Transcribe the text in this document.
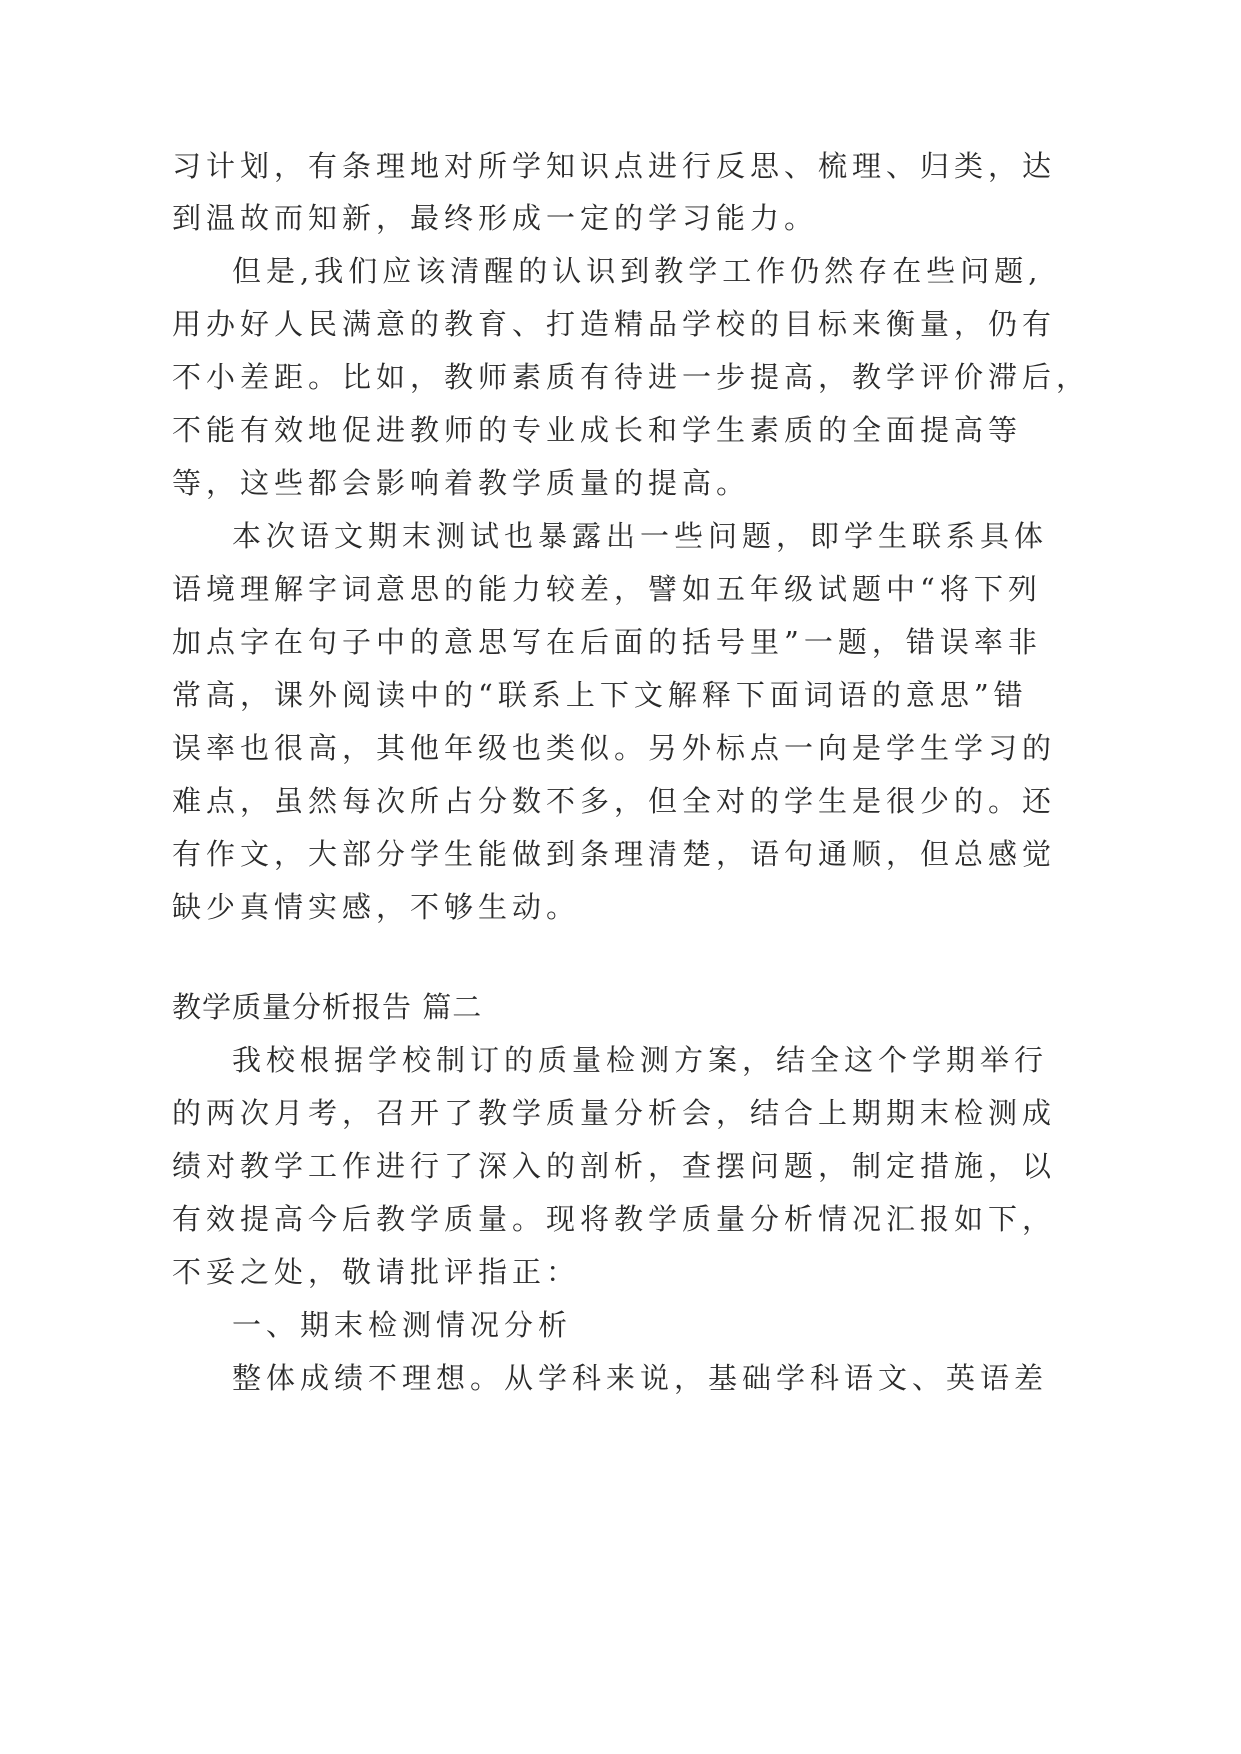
习计划，有条理地对所学知识点进行反思、梳理、归类，达

到温故而知新，最终形成一定的学习能力。

但是,我们应该清醒的认识到教学工作仍然存在些问题,

用办好人民满意的教育、打造精品学校的目标来衡量，仍有

不小差距。比如，教师素质有待进一步提高，教学评价滞后，

不能有效地促进教师的专业成长和学生素质的全面提高等

等，这些都会影响着教学质量的提高。

本次语文期末测试也暴露出一些问题，即学生联系具体

语境理解字词意思的能力较差，譬如五年级试题中“将下列

加点字在句子中的意思写在后面的括号里”一题，错误率非

常高，课外阅读中的“联系上下文解释下面词语的意思”错

误率也很高，其他年级也类似。另外标点一向是学生学习的

难点，虽然每次所占分数不多，但全对的学生是很少的。还

有作文，大部分学生能做到条理清楚，语句通顺，但总感觉

缺少真情实感，不够生动。

教学质量分析报告 篇二

我校根据学校制订的质量检测方案，结全这个学期举行

的两次月考，召开了教学质量分析会，结合上期期末检测成

绩对教学工作进行了深入的剖析，查摆问题，制定措施，以

有效提高今后教学质量。现将教学质量分析情况汇报如下，

不妥之处，敬请批评指正：

一、期末检测情况分析

整体成绩不理想。从学科来说，基础学科语文、英语差
